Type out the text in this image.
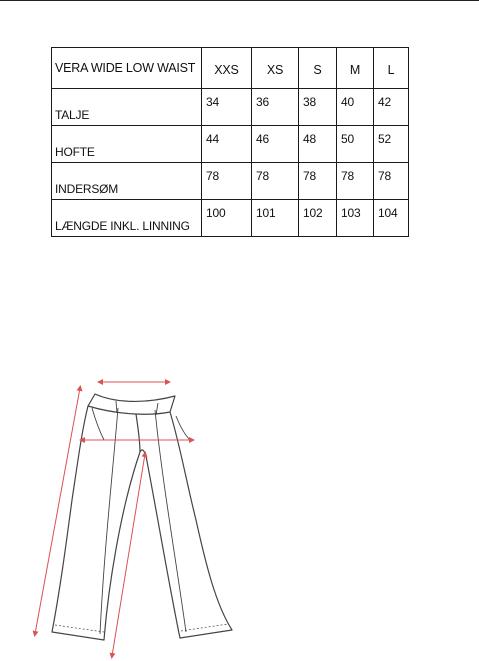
VERA WIDE LOW WAIST	XXS	XS	S	M	L
TALJE	34	36	38	40	42
HOFTE	44	46	48	50	52
INDERSØM	78	78	78	78	78
LÆNGDE INKL. LINNING	100	101	102	103	104
